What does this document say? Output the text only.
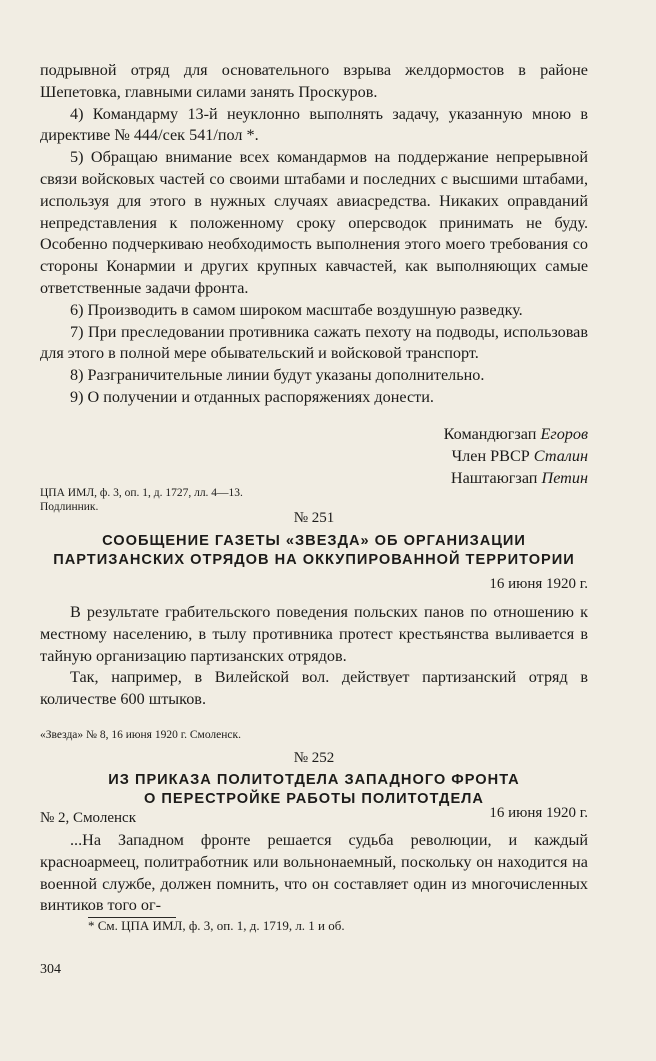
подрывной отряд для основательного взрыва желдормостов в районе Шепетовка, главными силами занять Проскуров.

4) Командарму 13-й неуклонно выполнять задачу, указанную мною в директиве № 444/сек 541/пол *.

5) Обращаю внимание всех командармов на поддержание непрерывной связи войсковых частей со своими штабами и последних с высшими штабами, используя для этого в нужных случаях авиасредства. Никаких оправданий непредставления к положенному сроку оперсводок принимать не буду. Особенно подчеркиваю необходимость выполнения этого моего требования со стороны Конармии и других крупных кавчастей, как выполняющих самые ответственные задачи фронта.

6) Производить в самом широком масштабе воздушную разведку.

7) При преследовании противника сажать пехоту на подводы, использовав для этого в полной мере обывательский и войсковой транспорт.

8) Разграничительные линии будут указаны дополнительно.

9) О получении и отданных распоряжениях донести.

Командюгзап Егоров
Член РВСР Сталин
Наштаюгзап Петин
ЦПА ИМЛ, ф. 3, оп. 1, д. 1727, лл. 4—13. Подлинник.
№ 251
СООБЩЕНИЕ ГАЗЕТЫ «ЗВЕЗДА» ОБ ОРГАНИЗАЦИИ
ПАРТИЗАНСКИХ ОТРЯДОВ НА ОККУПИРОВАННОЙ ТЕРРИТОРИИ
16 июня 1920 г.

В результате грабительского поведения польских панов по отношению к местному населению, в тылу противника протест крестьянства выливается в тайную организацию партизанских отрядов.

Так, например, в Вилейской вол. действует партизанский отряд в количестве 600 штыков.

«Звезда» № 8, 16 июня 1920 г. Смоленск.
№ 252
ИЗ ПРИКАЗА ПОЛИТОТДЕЛА ЗАПАДНОГО ФРОНТА
О ПЕРЕСТРОЙКЕ РАБОТЫ ПОЛИТОТДЕЛА
№ 2, Смоленск	16 июня 1920 г.

...На Западном фронте решается судьба революции, и каждый красноармеец, политработник или вольнонаемный, поскольку он находится на военной службе, должен помнить, что он составляет один из многочисленных винтиков того ог-

* См. ЦПА ИМЛ, ф. 3, оп. 1, д. 1719, л. 1 и об.
304
